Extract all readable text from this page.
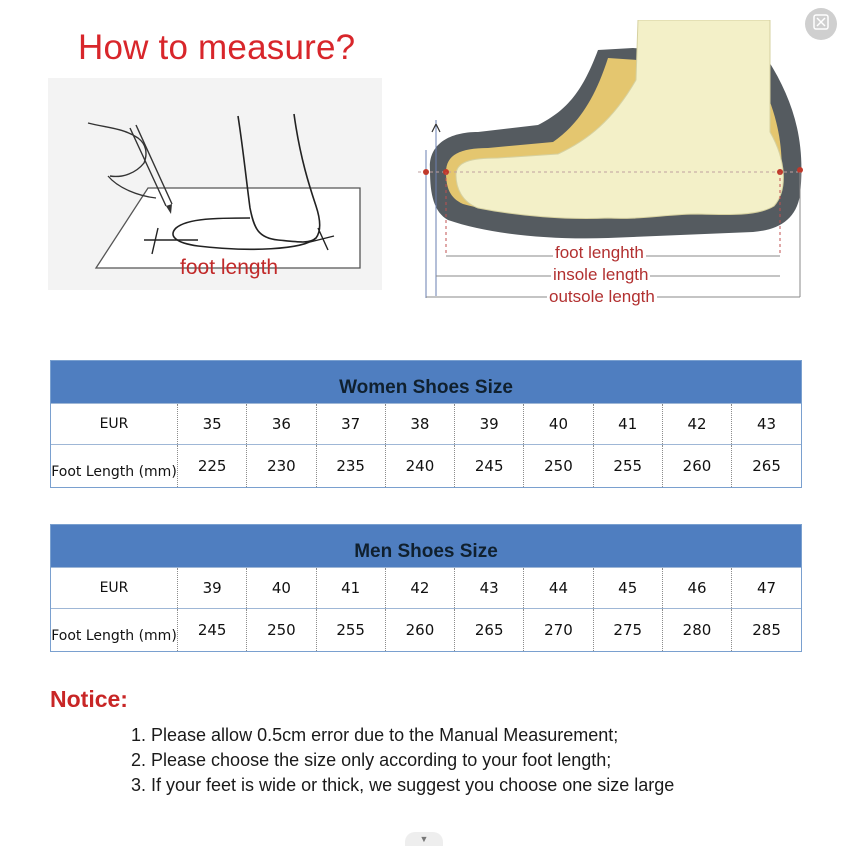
How to measure?
foot length
foot lenghth
insole length
outsole length
Women Shoes Size
EUR	35	36	37	38	39	40	41	42	43
Foot Length (mm)	225	230	235	240	245	250	255	260	265
Men Shoes Size
EUR	39	40	41	42	43	44	45	46	47
Foot Length (mm)	245	250	255	260	265	270	275	280	285
Notice:
1. Please allow 0.5cm error due to the Manual Measurement;
2. Please choose the size only according to your foot length;
3. If your feet is wide or thick, we suggest you choose one size large
▼
